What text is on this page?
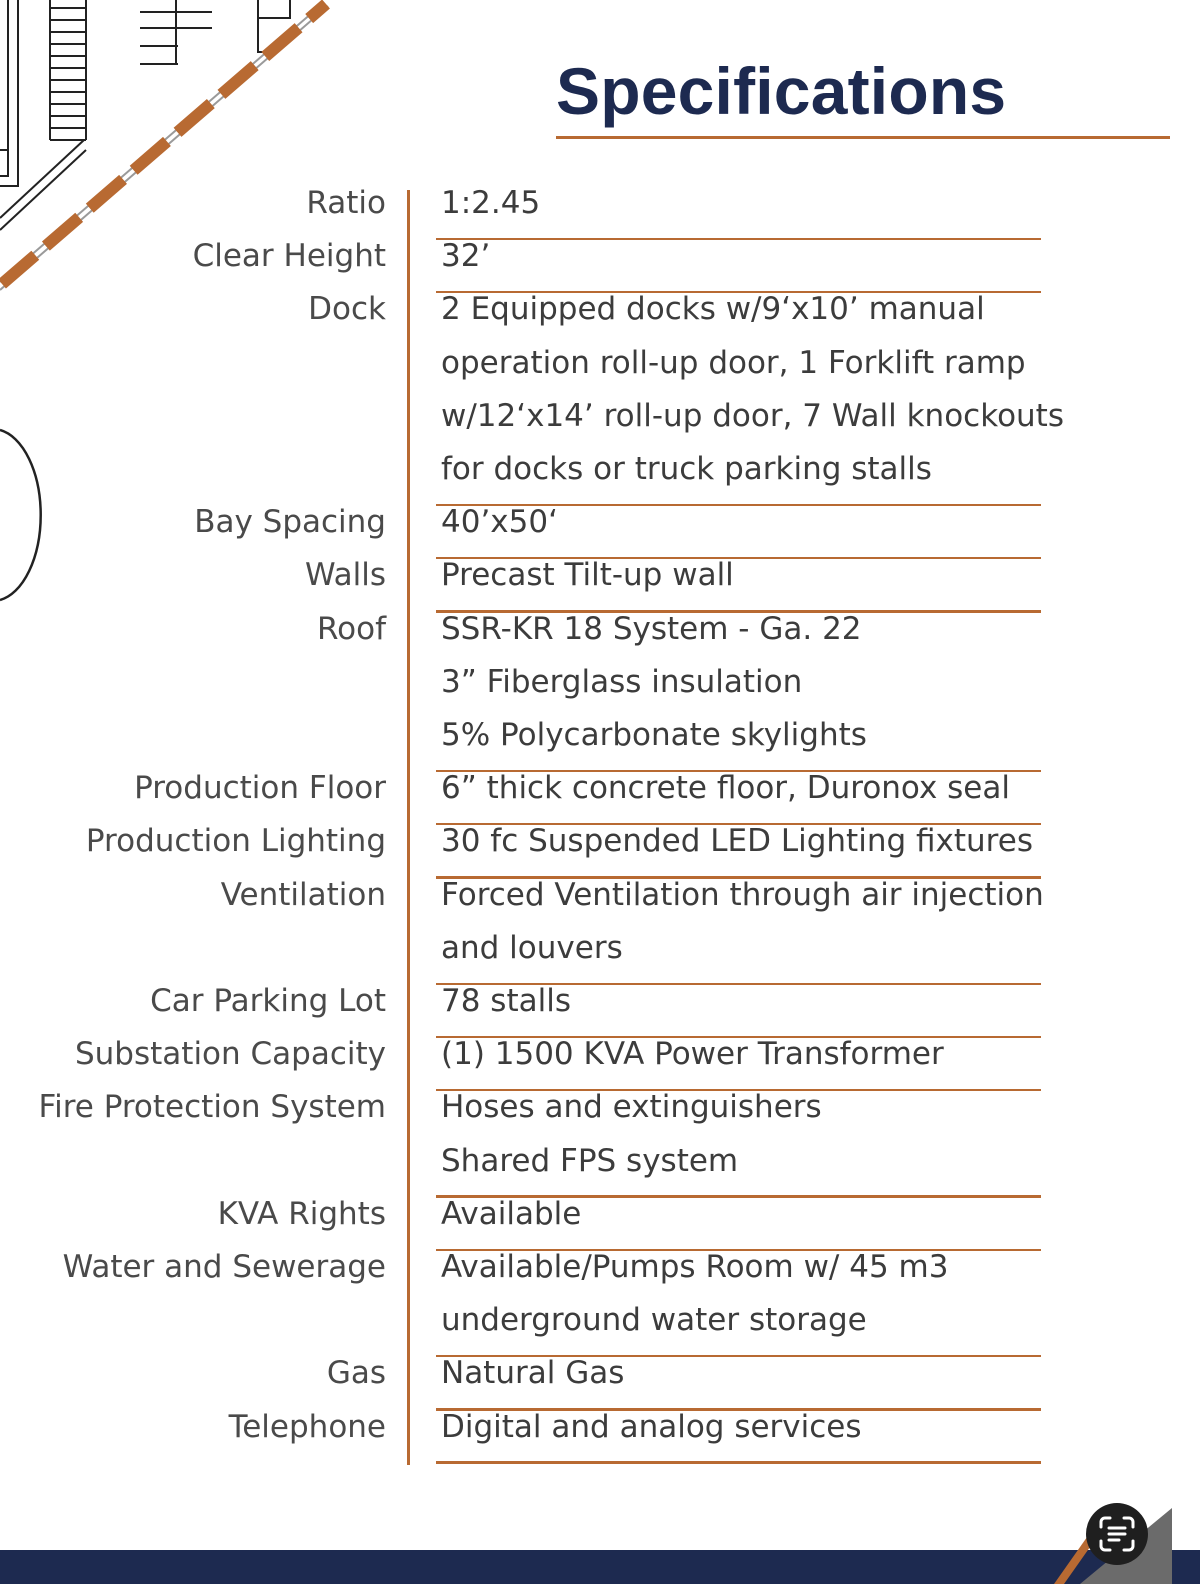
Specifications
Ratio 1:2.45
Clear Height 32’
Dock 2 Equipped docks w/9‘x10’ manual
operation roll-up door, 1 Forklift ramp
w/12‘x14’ roll-up door, 7 Wall knockouts
for docks or truck parking stalls
Bay Spacing 40’x50‘
Walls Precast Tilt-up wall
Roof SSR-KR 18 System - Ga. 22
3” Fiberglass insulation
5% Polycarbonate skylights
Production Floor 6” thick concrete floor, Duronox seal
Production Lighting 30 fc Suspended LED Lighting fixtures
Ventilation Forced Ventilation through air injection
and louvers
Car Parking Lot 78 stalls
Substation Capacity (1) 1500 KVA Power Transformer
Fire Protection System Hoses and extinguishers
Shared FPS system
KVA Rights Available
Water and Sewerage Available/Pumps Room w/ 45 m3
underground water storage
Gas Natural Gas
Telephone Digital and analog services
